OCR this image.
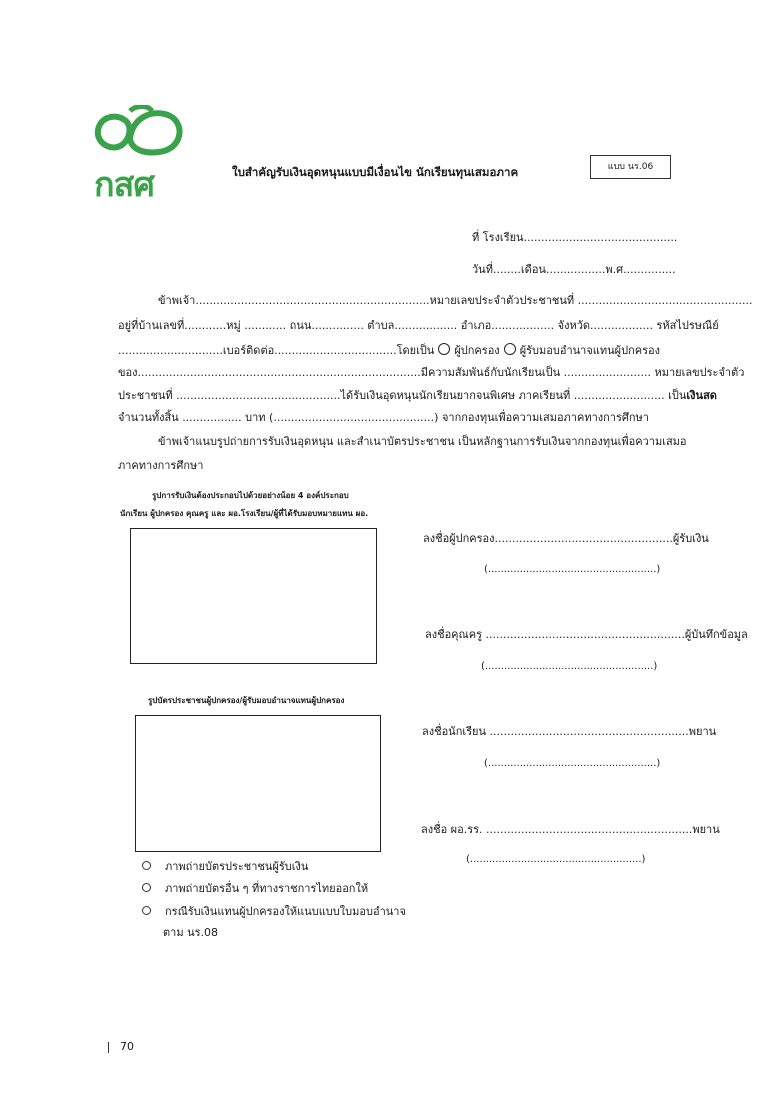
กสศ	ใบสำคัญรับเงินอุดหนุนแบบมีเงื่อนไข นักเรียนทุนเสมอภาค	แบบ นร.06
ที่ โรงเรียน............................................
วันที่........เดือน.................พ.ศ...............
ข้าพเจ้า...................................................................หมายเลขประจำตัวประชาชนที่ ..................................................
อยู่ที่บ้านเลขที่............หมู่ ............ ถนน............... ตำบล.................. อำเภอ.................. จังหวัด.................. รหัสไปรษณีย์
..............................เบอร์ติดต่อ...................................โดยเป็น ผู้ปกครอง ผู้รับมอบอำนาจแทนผู้ปกครอง
ของ.................................................................................มีความสัมพันธ์กับนักเรียนเป็น ......................... หมายเลขประจำตัว
ประชาชนที่ ...............................................ได้รับเงินอุดหนุนนักเรียนยากจนพิเศษ ภาคเรียนที่ .......................... เป็นเงินสด
จำนวนทั้งสิ้น ................. บาท (..............................................) จากกองทุนเพื่อความเสมอภาคทางการศึกษา
ข้าพเจ้าแนบรูปถ่ายการรับเงินอุดหนุน และสำเนาบัตรประชาชน เป็นหลักฐานการรับเงินจากกองทุนเพื่อความเสมอ
ภาคทางการศึกษา
รูปการรับเงินต้องประกอบไปด้วยอย่างน้อย 4 องค์ประกอบ
นักเรียน ผู้ปกครอง คุณครู และ ผอ.โรงเรียน/ผู้ที่ได้รับมอบหมายแทน ผอ.
รูปบัตรประชาชนผู้ปกครอง/ผู้รับมอบอำนาจแทนผู้ปกครอง
ลงชื่อผู้ปกครอง...................................................ผู้รับเงิน
(.....................................................)
ลงชื่อคุณครู .........................................................ผู้บันทึกข้อมูล
(.....................................................)
ลงชื่อนักเรียน .........................................................พยาน
(.....................................................)
ลงชื่อ ผอ.รร. ...........................................................พยาน
(......................................................)
ภาพถ่ายบัตรประชาชนผู้รับเงิน
ภาพถ่ายบัตรอื่น ๆ ที่ทางราชการไทยออกให้
กรณีรับเงินแทนผู้ปกครองให้แนบแบบใบมอบอำนาจ
ตาม นร.08
70
